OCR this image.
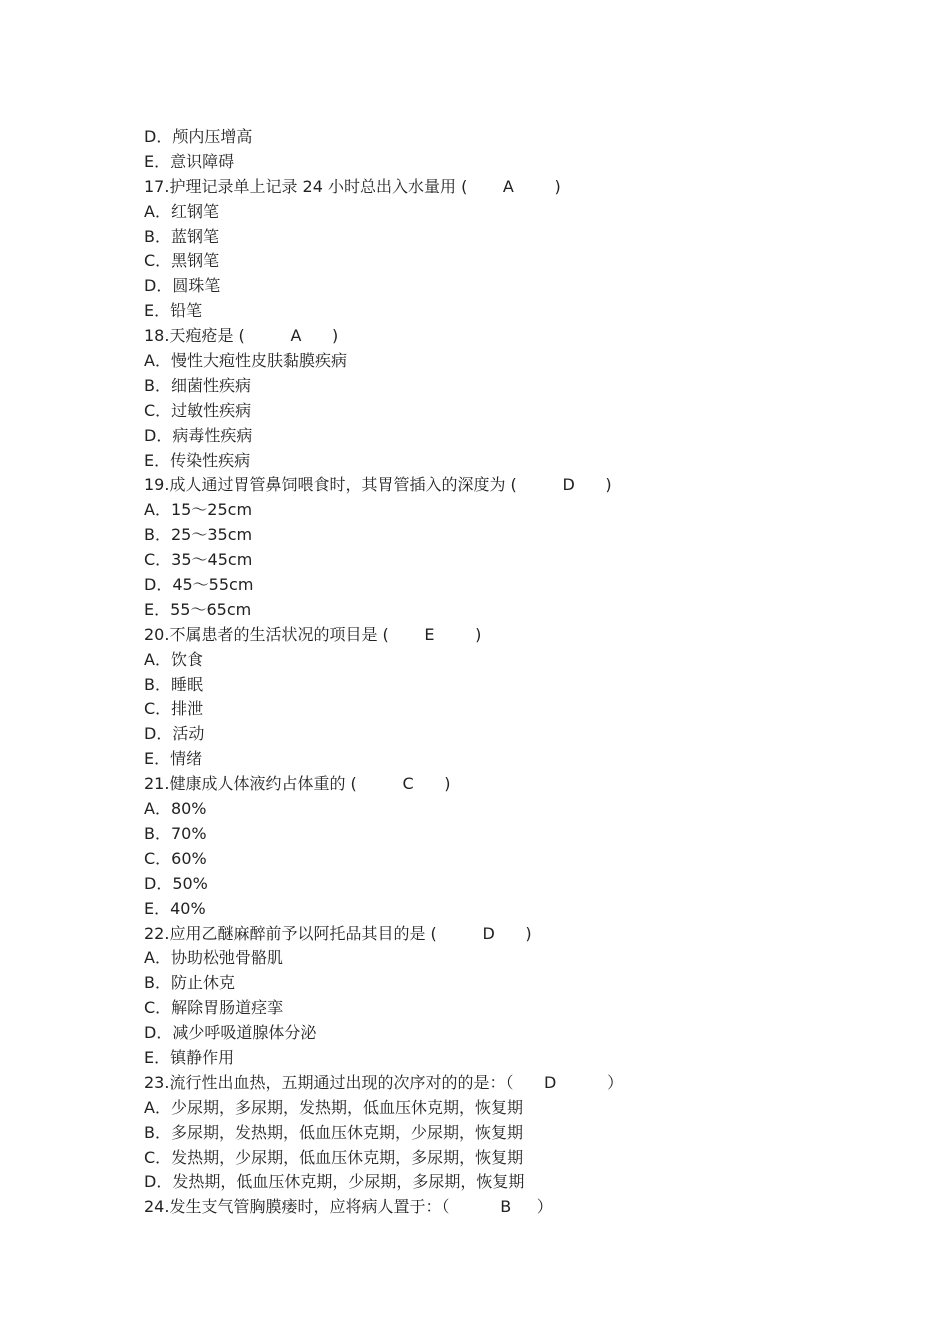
D．颅内压增高
E．意识障碍
17.护理记录单上记录 24 小时总出入水量用 (       A        )
A．红钢笔
B．蓝钢笔
C．黑钢笔
D．圆珠笔
E．铅笔
18.天疱疮是 (         A      )
A．慢性大疱性皮肤黏膜疾病
B．细菌性疾病
C．过敏性疾病
D．病毒性疾病
E．传染性疾病
19.成人通过胃管鼻饲喂食时，其胃管插入的深度为 (         D      )
A．15～25cm
B．25～35cm
C．35～45cm
D．45～55cm
E．55～65cm
20.不属患者的生活状况的项目是 (       E        )
A．饮食
B．睡眠
C．排泄
D．活动
E．情绪
21.健康成人体液约占体重的 (         C      )
A．80%
B．70%
C．60%
D．50%
E．40%
22.应用乙醚麻醉前予以阿托品其目的是 (         D      )
A．协助松弛骨骼肌
B．防止休克
C．解除胃肠道痉挛
D．减少呼吸道腺体分泌
E．镇静作用
23.流行性出血热，五期通过出现的次序对的的是：（      D          ）
A．少尿期，多尿期，发热期，低血压休克期，恢复期
B．多尿期，发热期，低血压休克期，少尿期，恢复期
C．发热期，少尿期，低血压休克期，多尿期，恢复期
D．发热期，低血压休克期，少尿期，多尿期，恢复期
24.发生支气管胸膜瘘时，应将病人置于：（          B     ）
